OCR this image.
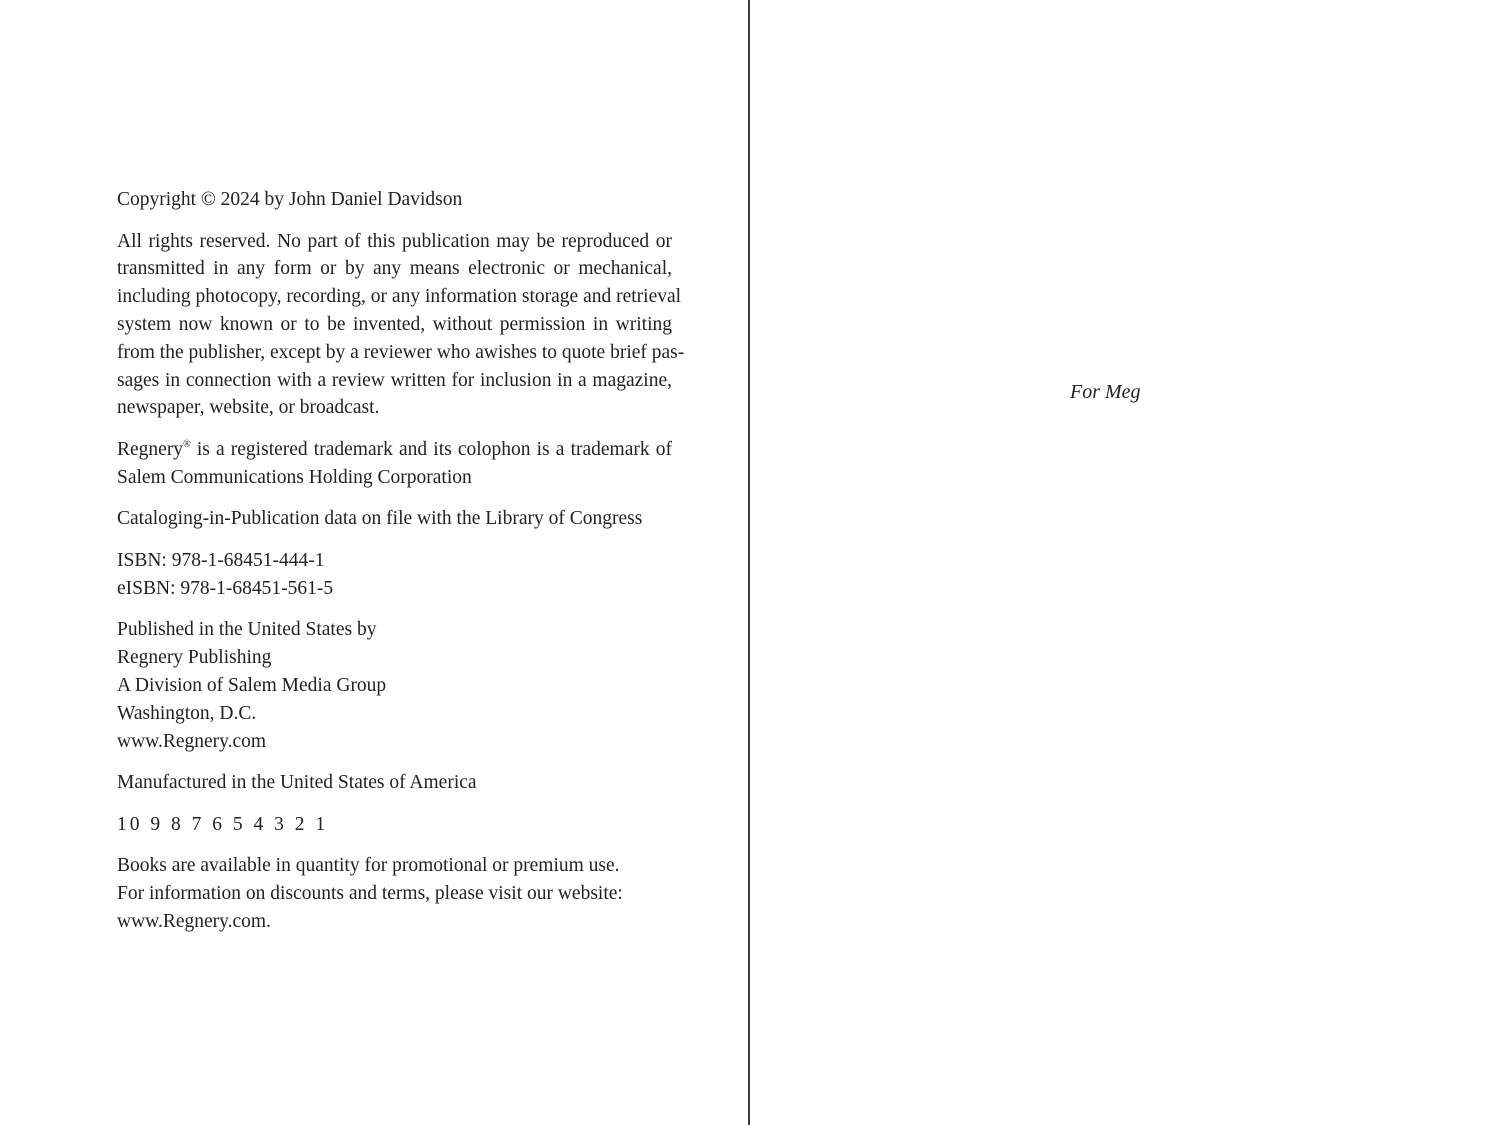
Copyright © 2024 by John Daniel Davidson

All rights reserved. No part of this publication may be reproduced or
transmitted in any form or by any means electronic or mechanical,
including photocopy, recording, or any information storage and retrieval
system now known or to be invented, without permission in writing
from the publisher, except by a reviewer who awishes to quote brief pas-
sages in connection with a review written for inclusion in a magazine,
newspaper, website, or broadcast.

Regnery® is a registered trademark and its colophon is a trademark of
Salem Communications Holding Corporation

Cataloging-in-Publication data on file with the Library of Congress

ISBN: 978-1-68451-444-1
eISBN: 978-1-68451-561-5

Published in the United States by
Regnery Publishing
A Division of Salem Media Group
Washington, D.C.
www.Regnery.com

Manufactured in the United States of America

10 9 8 7 6 5 4 3 2 1

Books are available in quantity for promotional or premium use.
For information on discounts and terms, please visit our website:
www.Regnery.com.

For Meg
